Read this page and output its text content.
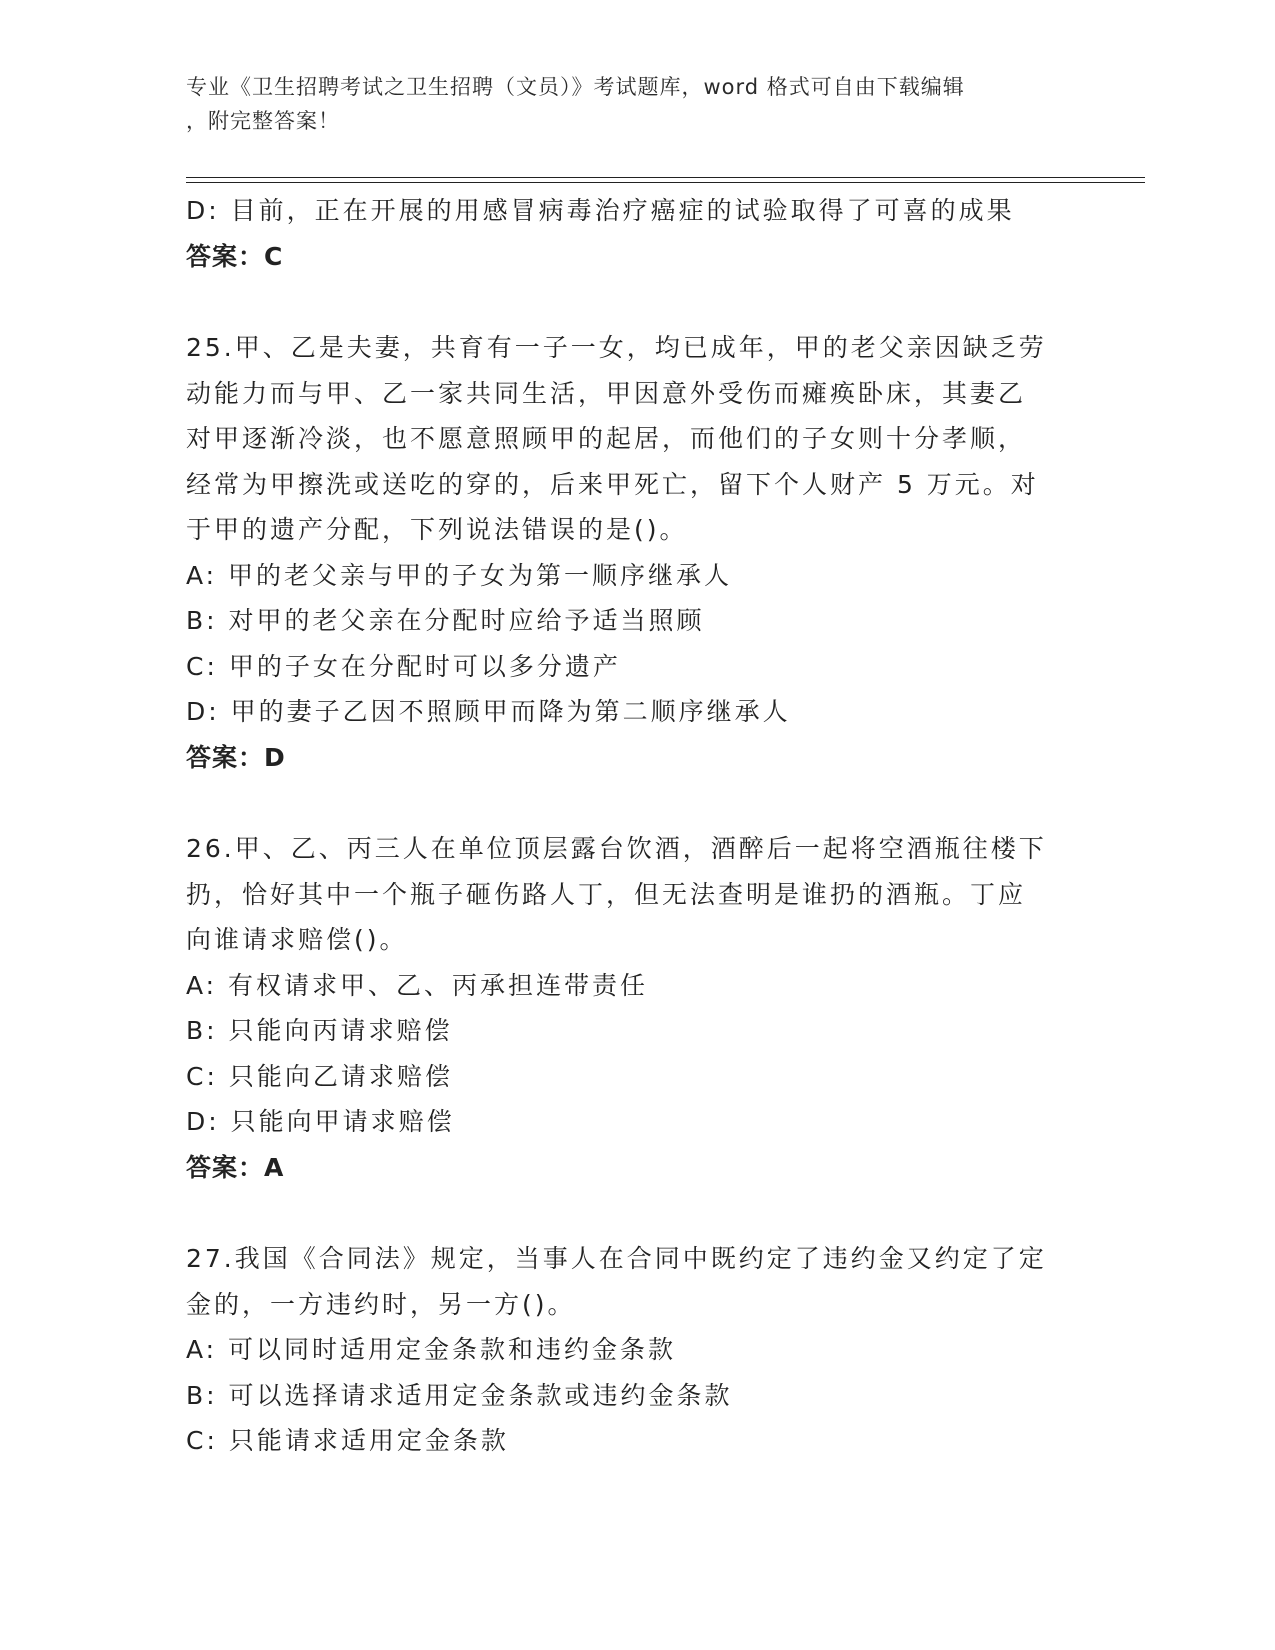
专业《卫生招聘考试之卫生招聘（文员）》考试题库，word 格式可自由下载编辑
，附完整答案！
D: 目前，正在开展的用感冒病毒治疗癌症的试验取得了可喜的成果
答案：C
25.甲、乙是夫妻，共育有一子一女，均已成年，甲的老父亲因缺乏劳
动能力而与甲、乙一家共同生活，甲因意外受伤而瘫痪卧床，其妻乙
对甲逐渐冷淡，也不愿意照顾甲的起居，而他们的子女则十分孝顺，
经常为甲擦洗或送吃的穿的，后来甲死亡，留下个人财产 5 万元。对
于甲的遗产分配，下列说法错误的是()。
A: 甲的老父亲与甲的子女为第一顺序继承人
B: 对甲的老父亲在分配时应给予适当照顾
C: 甲的子女在分配时可以多分遗产
D: 甲的妻子乙因不照顾甲而降为第二顺序继承人
答案：D
26.甲、乙、丙三人在单位顶层露台饮酒，酒醉后一起将空酒瓶往楼下
扔，恰好其中一个瓶子砸伤路人丁，但无法查明是谁扔的酒瓶。丁应
向谁请求赔偿()。
A: 有权请求甲、乙、丙承担连带责任
B: 只能向丙请求赔偿
C: 只能向乙请求赔偿
D: 只能向甲请求赔偿
答案：A
27.我国《合同法》规定，当事人在合同中既约定了违约金又约定了定
金的，一方违约时，另一方()。
A: 可以同时适用定金条款和违约金条款
B: 可以选择请求适用定金条款或违约金条款
C: 只能请求适用定金条款
